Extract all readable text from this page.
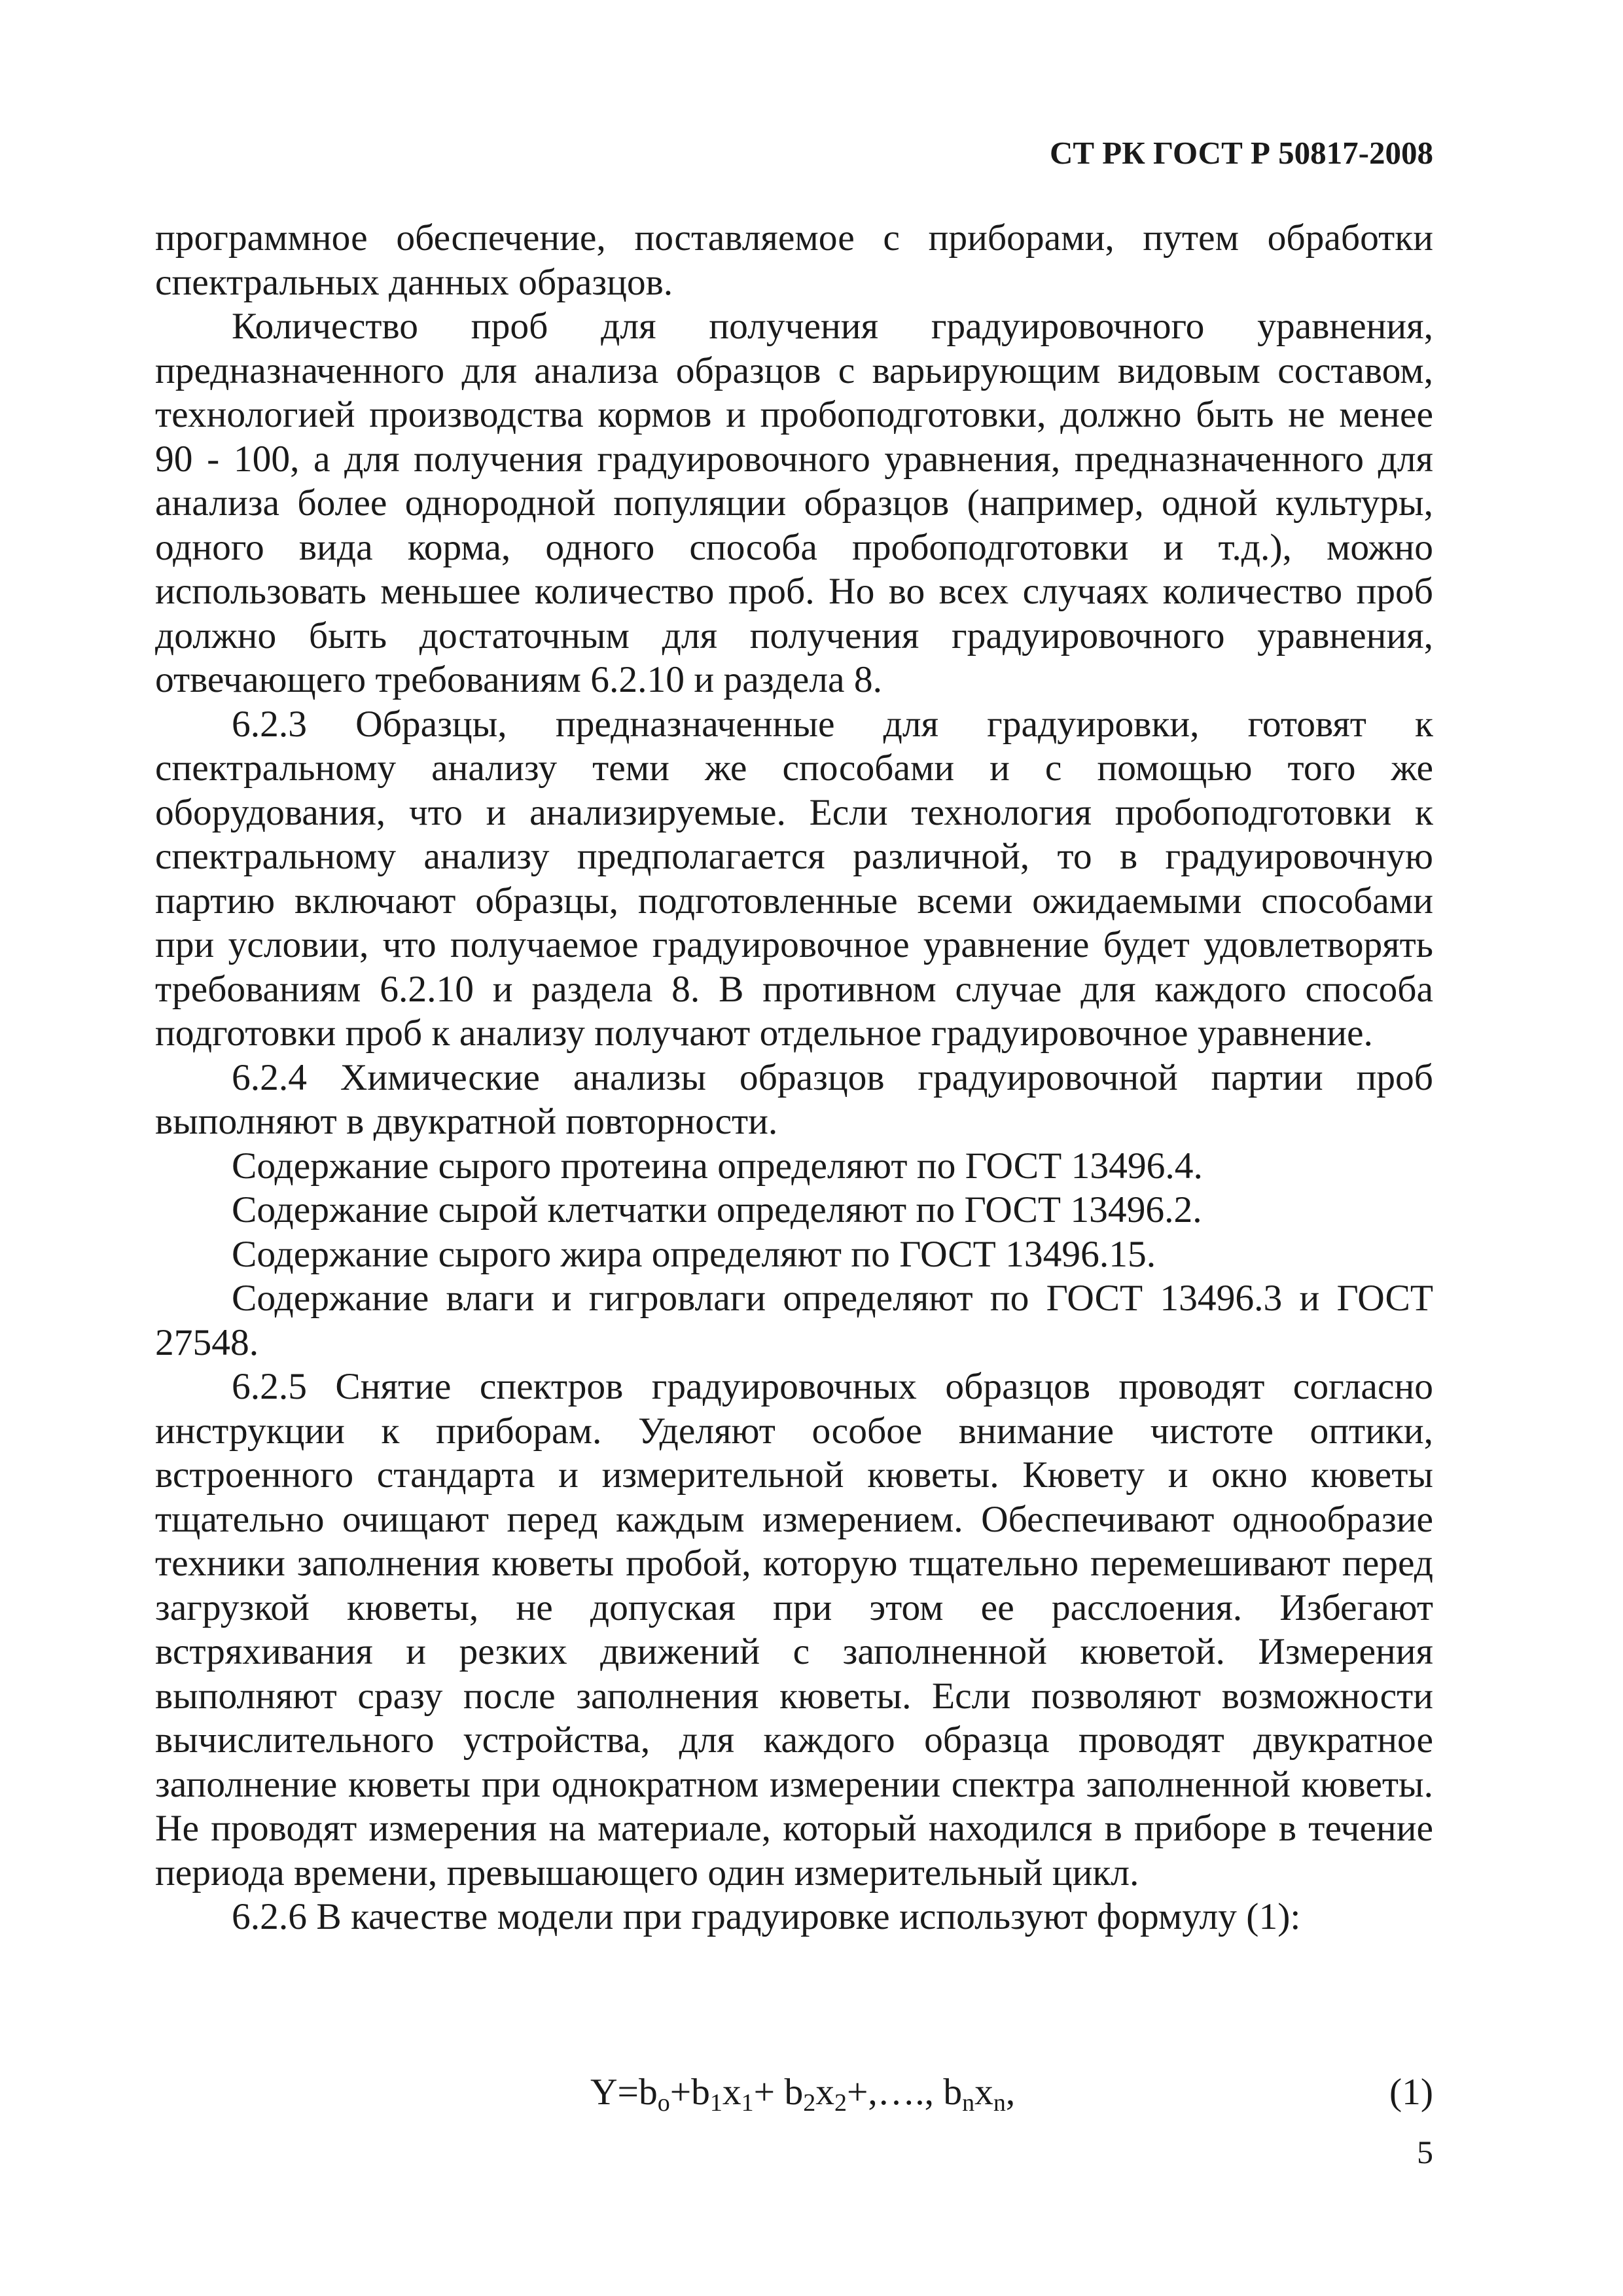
СТ РК ГОСТ Р 50817-2008

программное обеспечение, поставляемое с приборами, путем обработки спектральных данных образцов.

Количество проб для получения градуировочного уравнения, предназначенного для анализа образцов с варьирующим видовым составом, технологией производства кормов и пробоподготовки, должно быть не менее 90 - 100, а для получения градуировочного уравнения, предназначенного для анализа более однородной популяции образцов (например, одной культуры, одного вида корма, одного способа пробоподготовки и т.д.), можно использовать меньшее количество проб. Но во всех случаях количество проб должно быть достаточным для получения градуировочного уравнения, отвечающего требованиям 6.2.10 и раздела 8.

6.2.3 Образцы, предназначенные для градуировки, готовят к спектральному анализу теми же способами и с помощью того же оборудования, что и анализируемые. Если технология пробоподготовки к спектральному анализу предполагается различной, то в градуировочную партию включают образцы, подготовленные всеми ожидаемыми способами при условии, что получаемое градуировочное уравнение будет удовлетворять требованиям 6.2.10 и раздела 8. В противном случае для каждого способа подготовки проб к анализу получают отдельное градуировочное уравнение.

6.2.4 Химические анализы образцов градуировочной партии проб выполняют в двукратной повторности.

Содержание сырого протеина определяют по ГОСТ 13496.4.

Содержание сырой клетчатки определяют по ГОСТ 13496.2.

Содержание сырого жира определяют по ГОСТ 13496.15.

Содержание влаги и гигровлаги определяют по ГОСТ 13496.3 и ГОСТ 27548.

6.2.5 Снятие спектров градуировочных образцов проводят согласно инструкции к приборам. Уделяют особое внимание чистоте оптики, встроенного стандарта и измерительной кюветы. Кювету и окно кюветы тщательно очищают перед каждым измерением. Обеспечивают однообразие техники заполнения кюветы пробой, которую тщательно перемешивают перед загрузкой кюветы, не допуская при этом ее расслоения. Избегают встряхивания и резких движений с заполненной кюветой. Измерения выполняют сразу после заполнения кюветы. Если позволяют возможности вычислительного устройства, для каждого образца проводят двукратное заполнение кюветы при однократном измерении спектра заполненной кюветы. Не проводят измерения на материале, который находился в приборе в течение периода времени, превышающего один измерительный цикл.

6.2.6 В качестве модели при градуировке используют формулу (1):

$Y=b_o+b_1x_1+$ $b_2x_2+,\dots$., $b_nx_n$,	(1)
5
